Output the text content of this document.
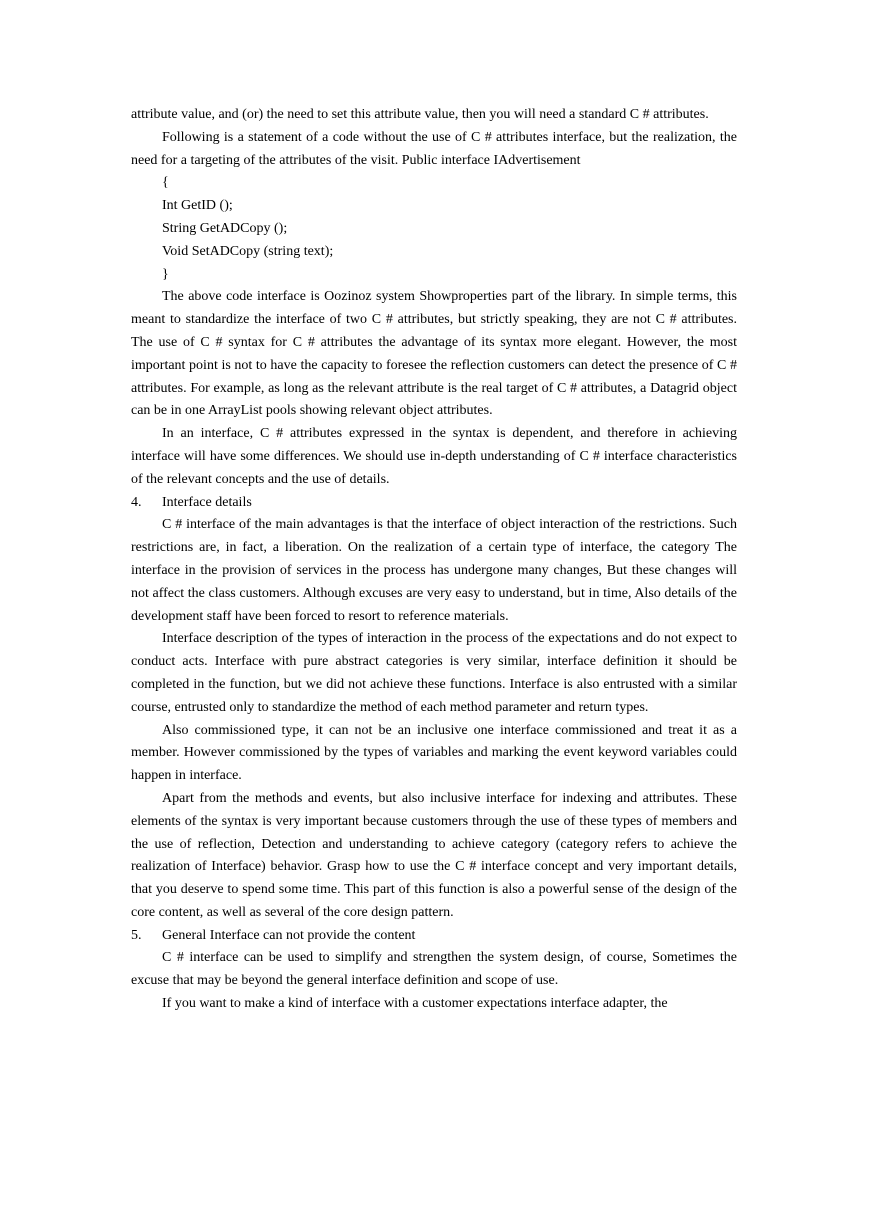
attribute value, and (or) the need to set this attribute value, then you will need a standard C # attributes.

Following is a statement of a code without the use of C # attributes interface, but the realization, the need for a targeting of the attributes of the visit. Public interface IAdvertisement

{
Int GetID ();
String GetADCopy ();
Void SetADCopy (string text);
}

The above code interface is Oozinoz system Showproperties part of the library. In simple terms, this meant to standardize the interface of two C # attributes, but strictly speaking, they are not C # attributes. The use of C # syntax for C # attributes the advantage of its syntax more elegant. However, the most important point is not to have the capacity to foresee the reflection customers can detect the presence of C # attributes. For example, as long as the relevant attribute is the real target of C # attributes, a Datagrid object can be in one ArrayList pools showing relevant object attributes.

In an interface, C # attributes expressed in the syntax is dependent, and therefore in achieving interface will have some differences. We should use in-depth understanding of C # interface characteristics of the relevant concepts and the use of details.

4.	Interface details

C # interface of the main advantages is that the interface of object interaction of the restrictions. Such restrictions are, in fact, a liberation. On the realization of a certain type of interface, the category The interface in the provision of services in the process has undergone many changes, But these changes will not affect the class customers. Although excuses are very easy to understand, but in time, Also details of the development staff have been forced to resort to reference materials.

Interface description of the types of interaction in the process of the expectations and do not expect to conduct acts. Interface with pure abstract categories is very similar, interface definition it should be completed in the function, but we did not achieve these functions. Interface is also entrusted with a similar course, entrusted only to standardize the method of each method parameter and return types.

Also commissioned type, it can not be an inclusive one interface commissioned and treat it as a member. However commissioned by the types of variables and marking the event keyword variables could happen in interface.

Apart from the methods and events, but also inclusive interface for indexing and attributes. These elements of the syntax is very important because customers through the use of these types of members and the use of reflection, Detection and understanding to achieve category (category refers to achieve the realization of Interface) behavior. Grasp how to use the C # interface concept and very important details, that you deserve to spend some time. This part of this function is also a powerful sense of the design of the core content, as well as several of the core design pattern.

5.	General Interface can not provide the content

C # interface can be used to simplify and strengthen the system design, of course, Sometimes the excuse that may be beyond the general interface definition and scope of use.

If you want to make a kind of interface with a customer expectations interface adapter, the
